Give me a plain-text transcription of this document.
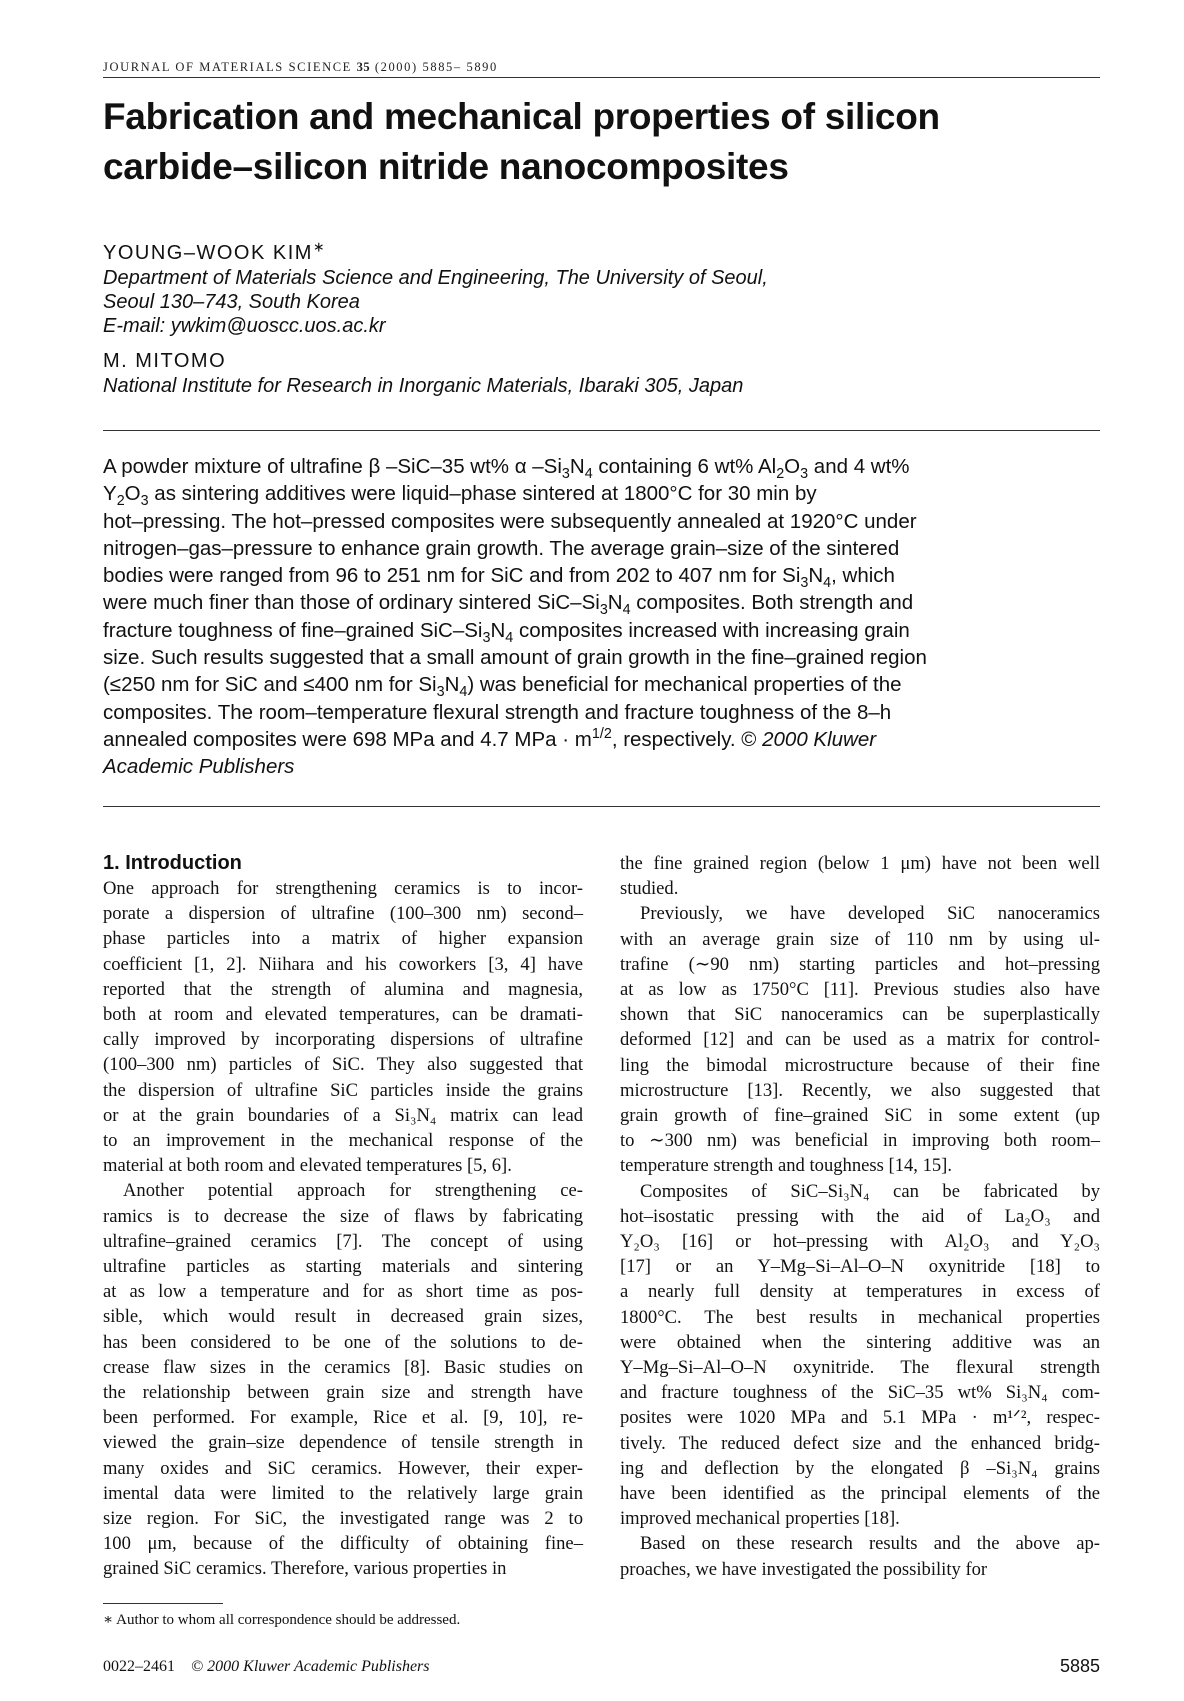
JOURNAL OF MATERIALS SCIENCE 35 (2000) 5885– 5890
Fabrication and mechanical properties of silicon
carbide–silicon nitride nanocomposites
YOUNG–WOOK KIM∗
Department of Materials Science and Engineering, The University of Seoul,
Seoul 130–743, South Korea
E-mail: ywkim@uoscc.uos.ac.kr
M. MITOMO
National Institute for Research in Inorganic Materials, Ibaraki 305, Japan
A powder mixture of ultrafine β –SiC–35 wt% α $-Si_3N_4$ containing 6 wt% $Al_2O_3$ and 4 wt%
$Y_2O_3$ as sintering additives were liquid–phase sintered at 1800°C for 30 min by
hot–pressing. The hot–pressed composites were subsequently annealed at 1920°C under
nitrogen–gas–pressure to enhance grain growth. The average grain–size of the sintered
bodies were ranged from 96 to 251 nm for SiC and from 202 to 407 nm for $Si_3N_4$, which
were much finer than those of ordinary sintered SiC–$Si_3N_4$ composites. Both strength and
fracture toughness of fine–grained SiC–$Si_3N_4$ composites increased with increasing grain
size. Such results suggested that a small amount of grain growth in the fine–grained region
(≤250 nm for SiC and ≤400 nm for $Si_3N_4$) was beneficial for mechanical properties of the
composites. The room–temperature flexural strength and fracture toughness of the 8–h
annealed composites were 698 MPa and 4.7 MPa · $m^{1/2}$, respectively. © 2000 Kluwer
Academic Publishers
1. Introduction
One approach for strengthening ceramics is to incor-
porate a dispersion of ultrafine (100–300 nm) second–
phase particles into a matrix of higher expansion
coefficient [1, 2]. Niihara and his coworkers [3, 4] have
reported that the strength of alumina and magnesia,
both at room and elevated temperatures, can be dramati-
cally improved by incorporating dispersions of ultrafine
(100–300 nm) particles of SiC. They also suggested that
the dispersion of ultrafine SiC particles inside the grains
or at the grain boundaries of a Si₃N₄ matrix can lead
to an improvement in the mechanical response of the
material at both room and elevated temperatures [5, 6].
Another potential approach for strengthening ce-
ramics is to decrease the size of flaws by fabricating
ultrafine–grained ceramics [7]. The concept of using
ultrafine particles as starting materials and sintering
at as low a temperature and for as short time as pos-
sible, which would result in decreased grain sizes,
has been considered to be one of the solutions to de-
crease flaw sizes in the ceramics [8]. Basic studies on
the relationship between grain size and strength have
been performed. For example, Rice et al. [9, 10], re-
viewed the grain–size dependence of tensile strength in
many oxides and SiC ceramics. However, their exper-
imental data were limited to the relatively large grain
size region. For SiC, the investigated range was 2 to
100 μm, because of the difficulty of obtaining fine–
grained SiC ceramics. Therefore, various properties in
the fine grained region (below 1 μm) have not been well
studied.
Previously, we have developed SiC nanoceramics
with an average grain size of 110 nm by using ul-
trafine (∼90 nm) starting particles and hot–pressing
at as low as 1750°C [11]. Previous studies also have
shown that SiC nanoceramics can be superplastically
deformed [12] and can be used as a matrix for control-
ling the bimodal microstructure because of their fine
microstructure [13]. Recently, we also suggested that
grain growth of fine–grained SiC in some extent (up
to ∼300 nm) was beneficial in improving both room–
temperature strength and toughness [14, 15].
Composites of SiC–Si₃N₄ can be fabricated by
hot–isostatic pressing with the aid of La₂O₃ and
Y₂O₃ [16] or hot–pressing with Al₂O₃ and Y₂O₃
[17] or an Y–Mg–Si–Al–O–N oxynitride [18] to
a nearly full density at temperatures in excess of
1800°C. The best results in mechanical properties
were obtained when the sintering additive was an
Y–Mg–Si–Al–O–N oxynitride. The flexural strength
and fracture toughness of the SiC–35 wt% Si₃N₄ com-
posites were 1020 MPa and 5.1 MPa · m¹ᐟ², respec-
tively. The reduced defect size and the enhanced bridg-
ing and deflection by the elongated β –Si₃N₄ grains
have been identified as the principal elements of the
improved mechanical properties [18].
Based on these research results and the above ap-
proaches, we have investigated the possibility for
∗ Author to whom all correspondence should be addressed.
0022–2461 © 2000 Kluwer Academic Publishers	5885
